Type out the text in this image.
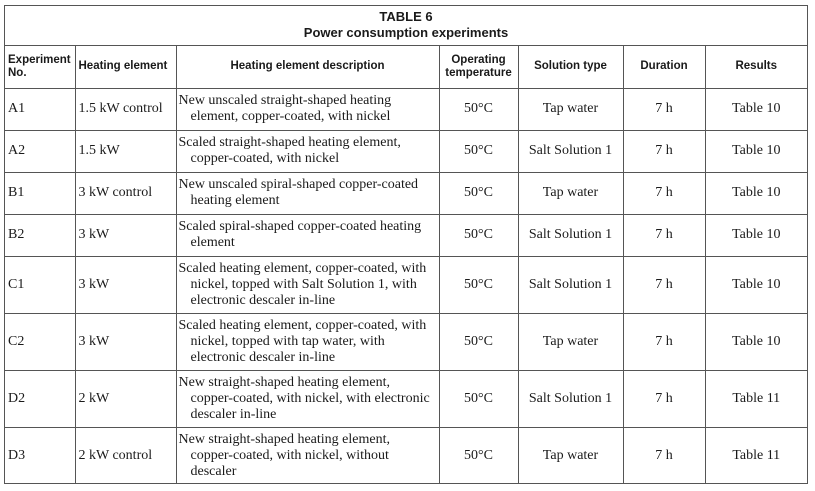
TABLE 6
Power consumption experiments
Experiment No.	Heating element	Heating element description	Operating temperature	Solution type	Duration	Results
A1	1.5 kW control	New unscaled straight-shaped heating element, copper-coated, with nickel	50°C	Tap water	7 h	Table 10
A2	1.5 kW	Scaled straight-shaped heating element, copper-coated, with nickel	50°C	Salt Solution 1	7 h	Table 10
B1	3 kW control	New unscaled spiral-shaped copper-coated heating element	50°C	Tap water	7 h	Table 10
B2	3 kW	Scaled spiral-shaped copper-coated heating element	50°C	Salt Solution 1	7 h	Table 10
C1	3 kW	Scaled heating element, copper-coated, with nickel, topped with Salt Solution 1, with electronic descaler in-line	50°C	Salt Solution 1	7 h	Table 10
C2	3 kW	Scaled heating element, copper-coated, with nickel, topped with tap water, with electronic descaler in-line	50°C	Tap water	7 h	Table 10
D2	2 kW	New straight-shaped heating element, copper-coated, with nickel, with electronic descaler in-line	50°C	Salt Solution 1	7 h	Table 11
D3	2 kW control	New straight-shaped heating element, copper-coated, with nickel, without descaler	50°C	Tap water	7 h	Table 11
